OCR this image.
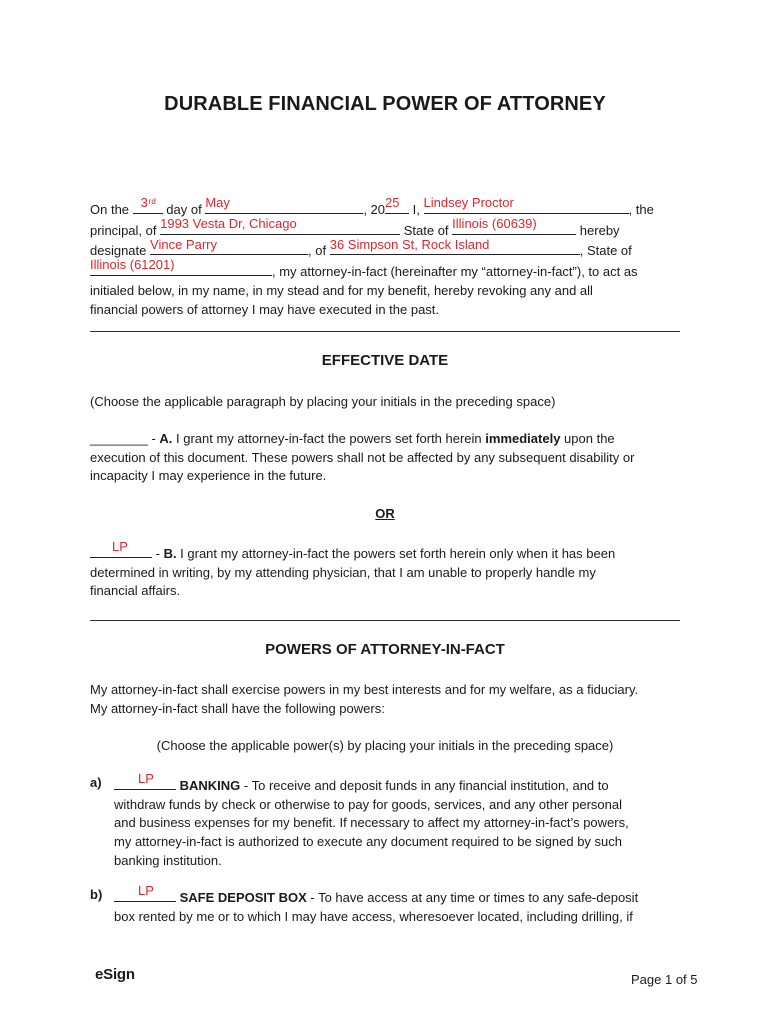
DURABLE FINANCIAL POWER OF ATTORNEY
On the 3 rd
day of May	, 20 25 I, Lindsey Proctor	, the
principal, of 1993 Vesta Dr, Chicago	State of Illinois (60639)	hereby
designate Vince Parry	, of 36 Simpson St, Rock Island	, State of
Illinois (61201)	, my attorney-in-fact (hereinafter my “attorney-in-fact”), to act as
initialed below, in my name, in my stead and for my benefit, hereby revoking any and all
financial powers of attorney I may have executed in the past.
EFFECTIVE DATE
(Choose the applicable paragraph by placing your initials in the preceding space)
________ - A. I grant my attorney-in-fact the powers set forth herein immediately upon the
execution of this document. These powers shall not be affected by any subsequent disability or
incapacity I may experience in the future.
OR
LP - B. I grant my attorney-in-fact the powers set forth herein only when it has been
determined in writing, by my attending physician, that I am unable to properly handle my
financial affairs.
POWERS OF ATTORNEY-IN-FACT
My attorney-in-fact shall exercise powers in my best interests and for my welfare, as a fiduciary.
My attorney-in-fact shall have the following powers:
(Choose the applicable power(s) by placing your initials in the preceding space)
a)	LP BANKING - To receive and deposit funds in any financial institution, and to
withdraw funds by check or otherwise to pay for goods, services, and any other personal
and business expenses for my benefit. If necessary to affect my attorney-in-fact’s powers,
my attorney-in-fact is authorized to execute any document required to be signed by such
banking institution.
b)	LP SAFE DEPOSIT BOX - To have access at any time or times to any safe-deposit
box rented by me or to which I may have access, wheresoever located, including drilling, if
eSign	Page 1 of 5
